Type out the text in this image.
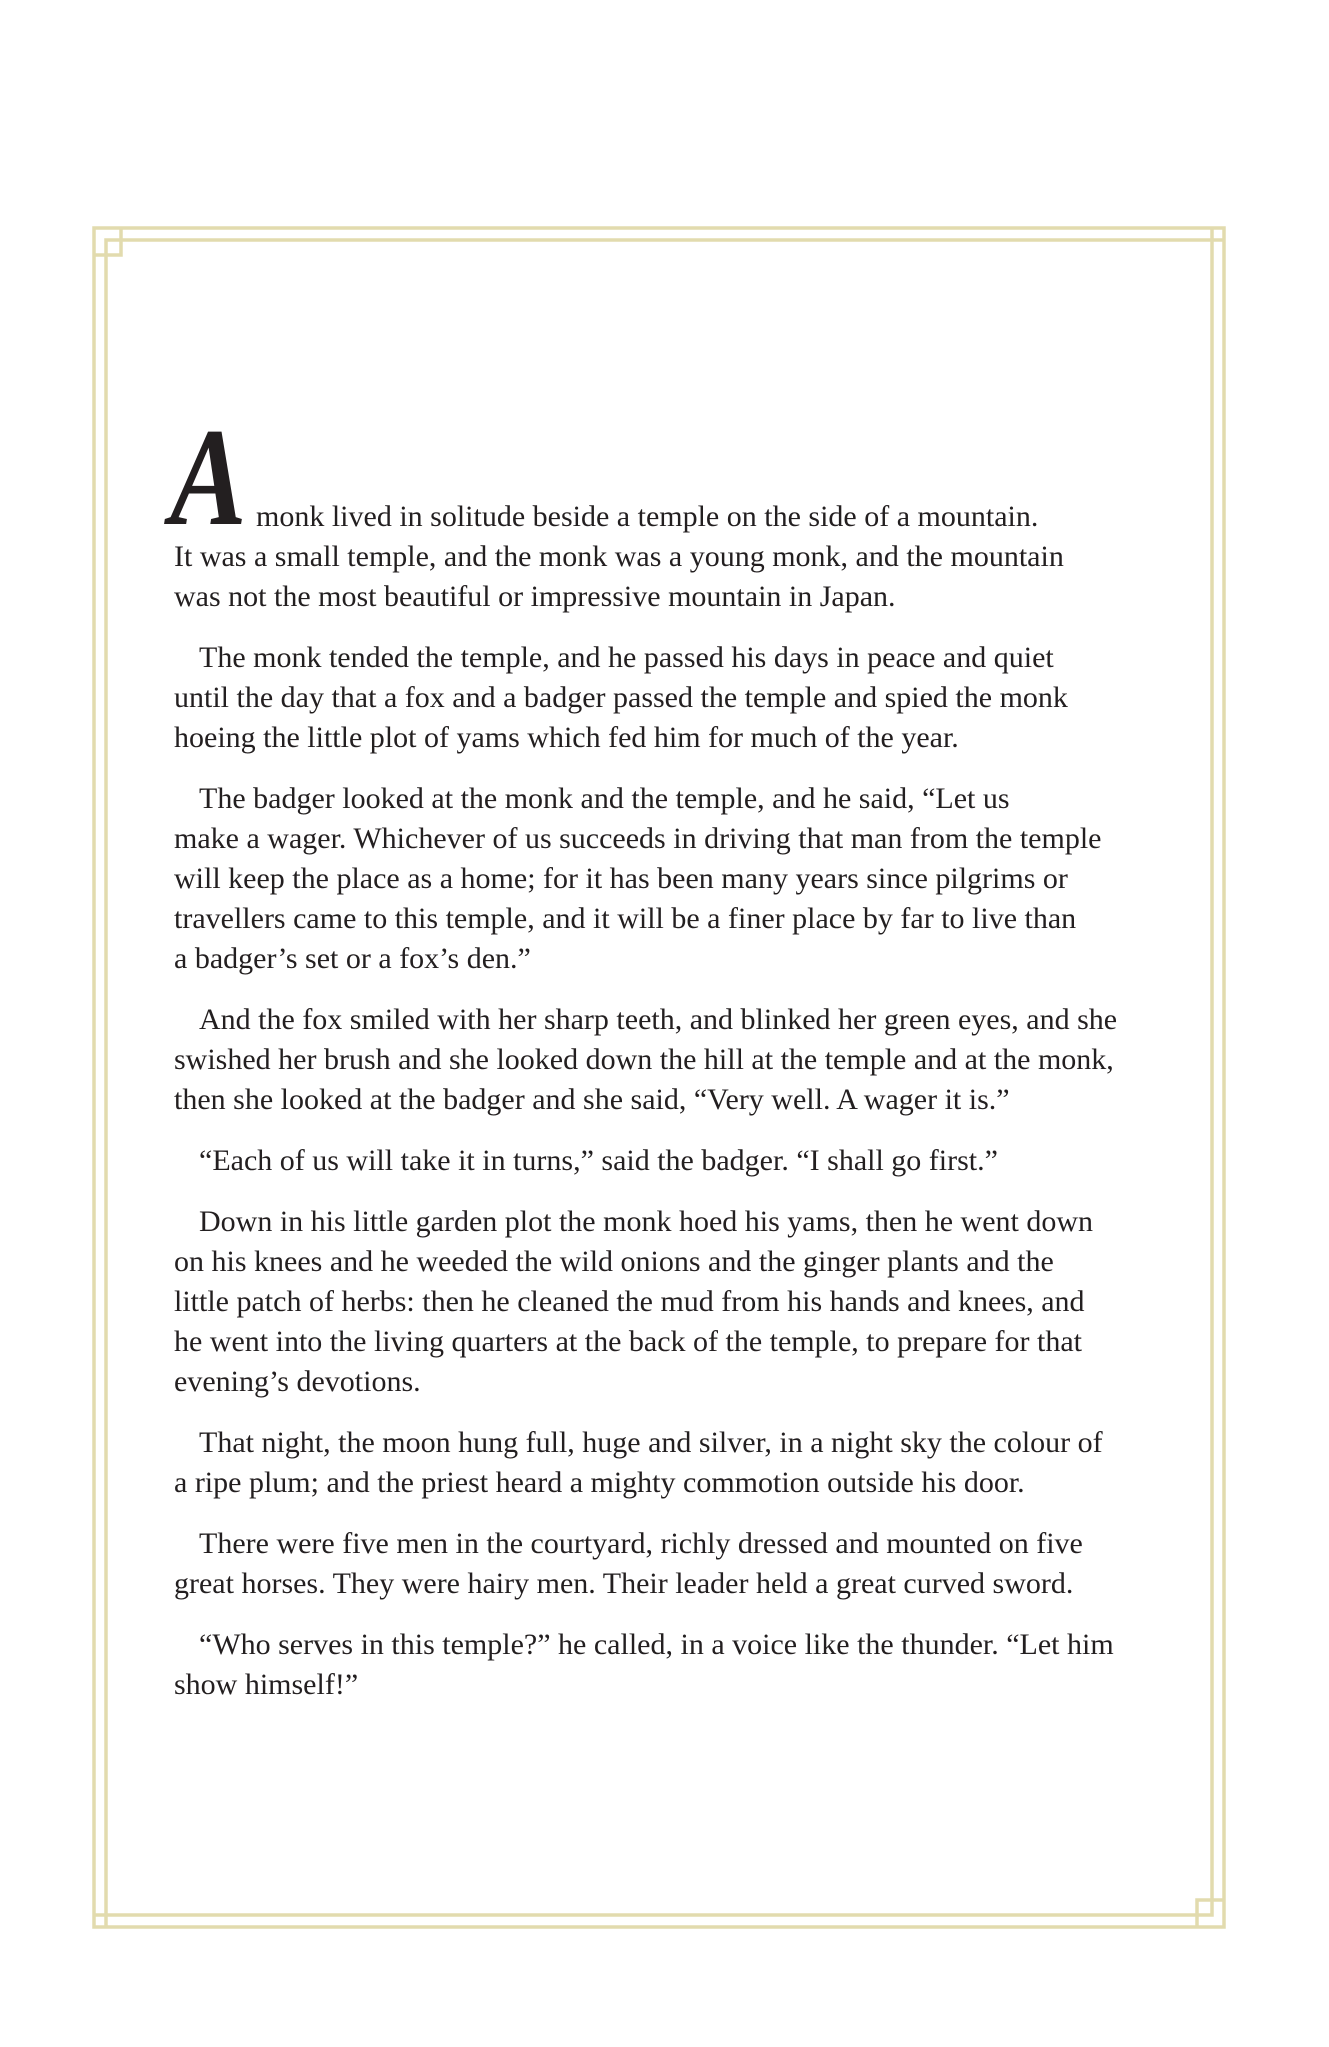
A monk lived in solitude beside a temple on the side of a mountain.
It was a small temple, and the monk was a young monk, and the mountain
was not the most beautiful or impressive mountain in Japan.
The monk tended the temple, and he passed his days in peace and quiet
until the day that a fox and a badger passed the temple and spied the monk
hoeing the little plot of yams which fed him for much of the year.
The badger looked at the monk and the temple, and he said, “Let us
make a wager. Whichever of us succeeds in driving that man from the temple
will keep the place as a home; for it has been many years since pilgrims or
travellers came to this temple, and it will be a finer place by far to live than
a badger’s set or a fox’s den.”
And the fox smiled with her sharp teeth, and blinked her green eyes, and she
swished her brush and she looked down the hill at the temple and at the monk,
then she looked at the badger and she said, “Very well. A wager it is.”
“Each of us will take it in turns,” said the badger. “I shall go first.”
Down in his little garden plot the monk hoed his yams, then he went down
on his knees and he weeded the wild onions and the ginger plants and the
little patch of herbs: then he cleaned the mud from his hands and knees, and
he went into the living quarters at the back of the temple, to prepare for that
evening’s devotions.
That night, the moon hung full, huge and silver, in a night sky the colour of
a ripe plum; and the priest heard a mighty commotion outside his door.
There were five men in the courtyard, richly dressed and mounted on five
great horses. They were hairy men. Their leader held a great curved sword.
“Who serves in this temple?” he called, in a voice like the thunder. “Let him
show himself!”
